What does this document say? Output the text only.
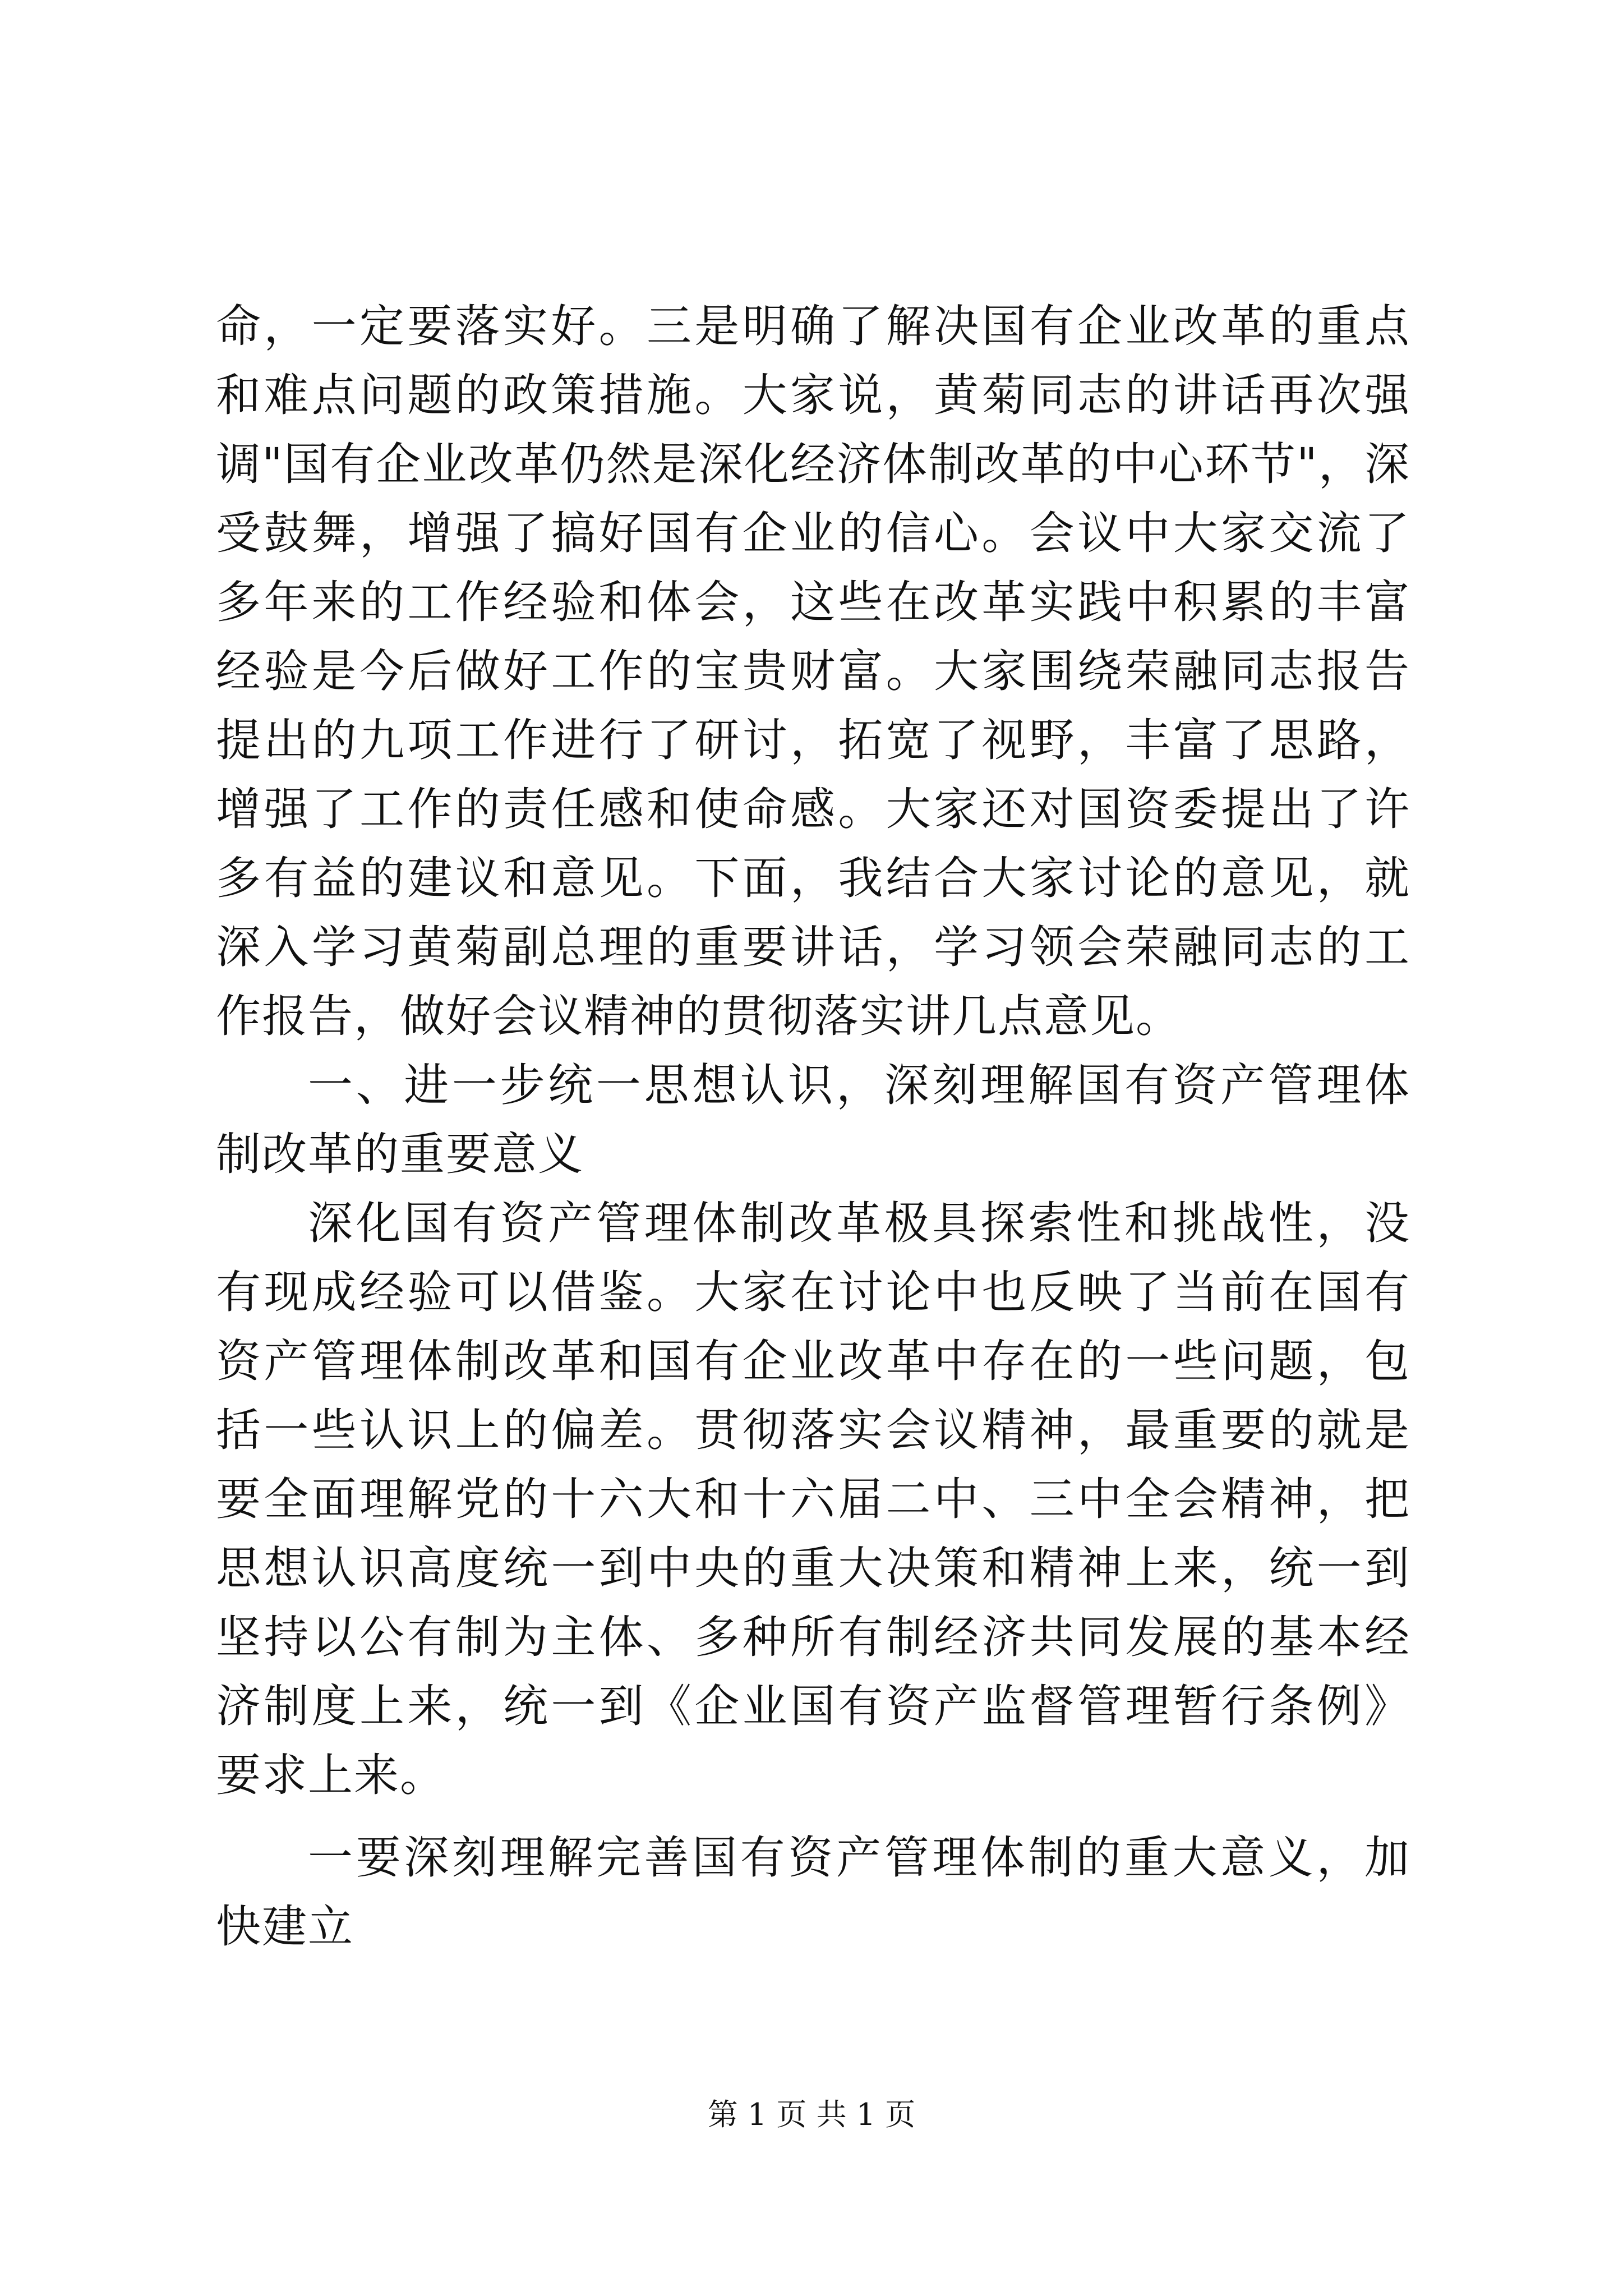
命，一定要落实好。三是明确了解决国有企业改革的重点和难点问题的政策措施。大家说，黄菊同志的讲话再次强调"国有企业改革仍然是深化经济体制改革的中心环节"，深受鼓舞，增强了搞好国有企业的信心。会议中大家交流了多年来的工作经验和体会，这些在改革实践中积累的丰富经验是今后做好工作的宝贵财富。大家围绕荣融同志报告提出的九项工作进行了研讨，拓宽了视野，丰富了思路，增强了工作的责任感和使命感。大家还对国资委提出了许多有益的建议和意见。下面，我结合大家讨论的意见，就深入学习黄菊副总理的重要讲话，学习领会荣融同志的工作报告，做好会议精神的贯彻落实讲几点意见。

一、进一步统一思想认识，深刻理解国有资产管理体制改革的重要意义

深化国有资产管理体制改革极具探索性和挑战性，没有现成经验可以借鉴。大家在讨论中也反映了当前在国有资产管理体制改革和国有企业改革中存在的一些问题，包括一些认识上的偏差。贯彻落实会议精神，最重要的就是要全面理解党的十六大和十六届二中、三中全会精神，把思想认识高度统一到中央的重大决策和精神上来，统一到坚持以公有制为主体、多种所有制经济共同发展的基本经济制度上来，统一到《企业国有资产监督管理暂行条例》要求上来。

一要深刻理解完善国有资产管理体制的重大意义，加快建立

第 1 页 共 1 页
